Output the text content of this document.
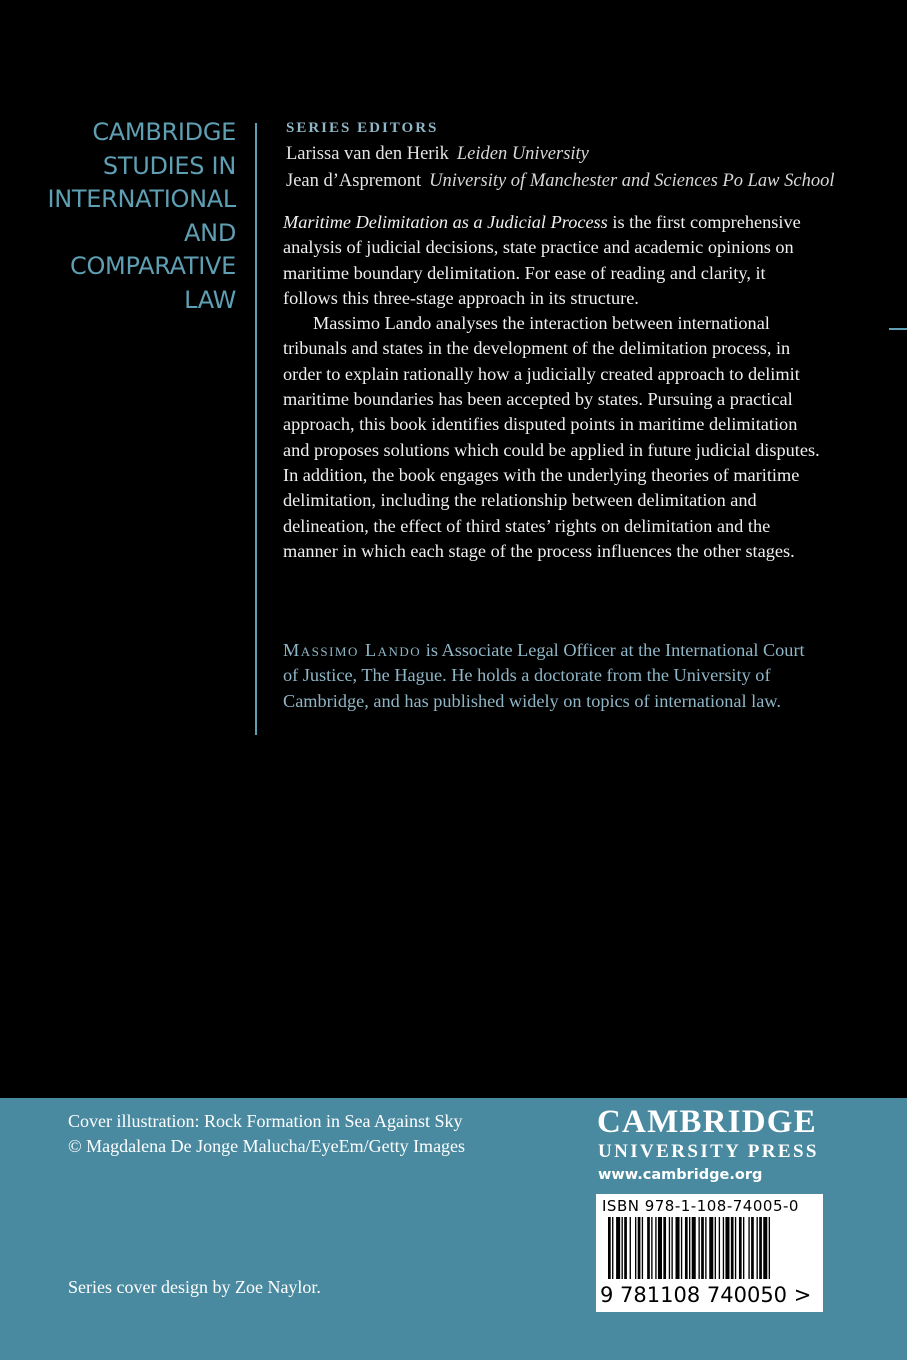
CAMBRIDGE
STUDIES IN
INTERNATIONAL
AND
COMPARATIVE
LAW
SERIES EDITORS
Larissa van den Herik Leiden University
Jean d’Aspremont University of Manchester and Sciences Po Law School

Maritime Delimitation as a Judicial Process is the first comprehensive analysis of judicial decisions, state practice and academic opinions on maritime boundary delimitation. For ease of reading and clarity, it follows this three-stage approach in its structure.

Massimo Lando analyses the interaction between international tribunals and states in the development of the delimitation process, in order to explain rationally how a judicially created approach to delimit maritime boundaries has been accepted by states. Pursuing a practical approach, this book identifies disputed points in maritime delimitation and proposes solutions which could be applied in future judicial disputes. In addition, the book engages with the underlying theories of maritime delimitation, including the relationship between delimitation and delineation, the effect of third states’ rights on delimitation and the manner in which each stage of the process influences the other stages.

Massimo Lando is Associate Legal Officer at the International Court of Justice, The Hague. He holds a doctorate from the University of Cambridge, and has published widely on topics of international law.

Cover illustration: Rock Formation in Sea Against Sky
© Magdalena De Jonge Malucha/EyeEm/Getty Images
Series cover design by Zoe Naylor.
CAMBRIDGE
UNIVERSITY PRESS
www.cambridge.org
ISBN 978-1-108-74005-0
9 781108 740050 >
